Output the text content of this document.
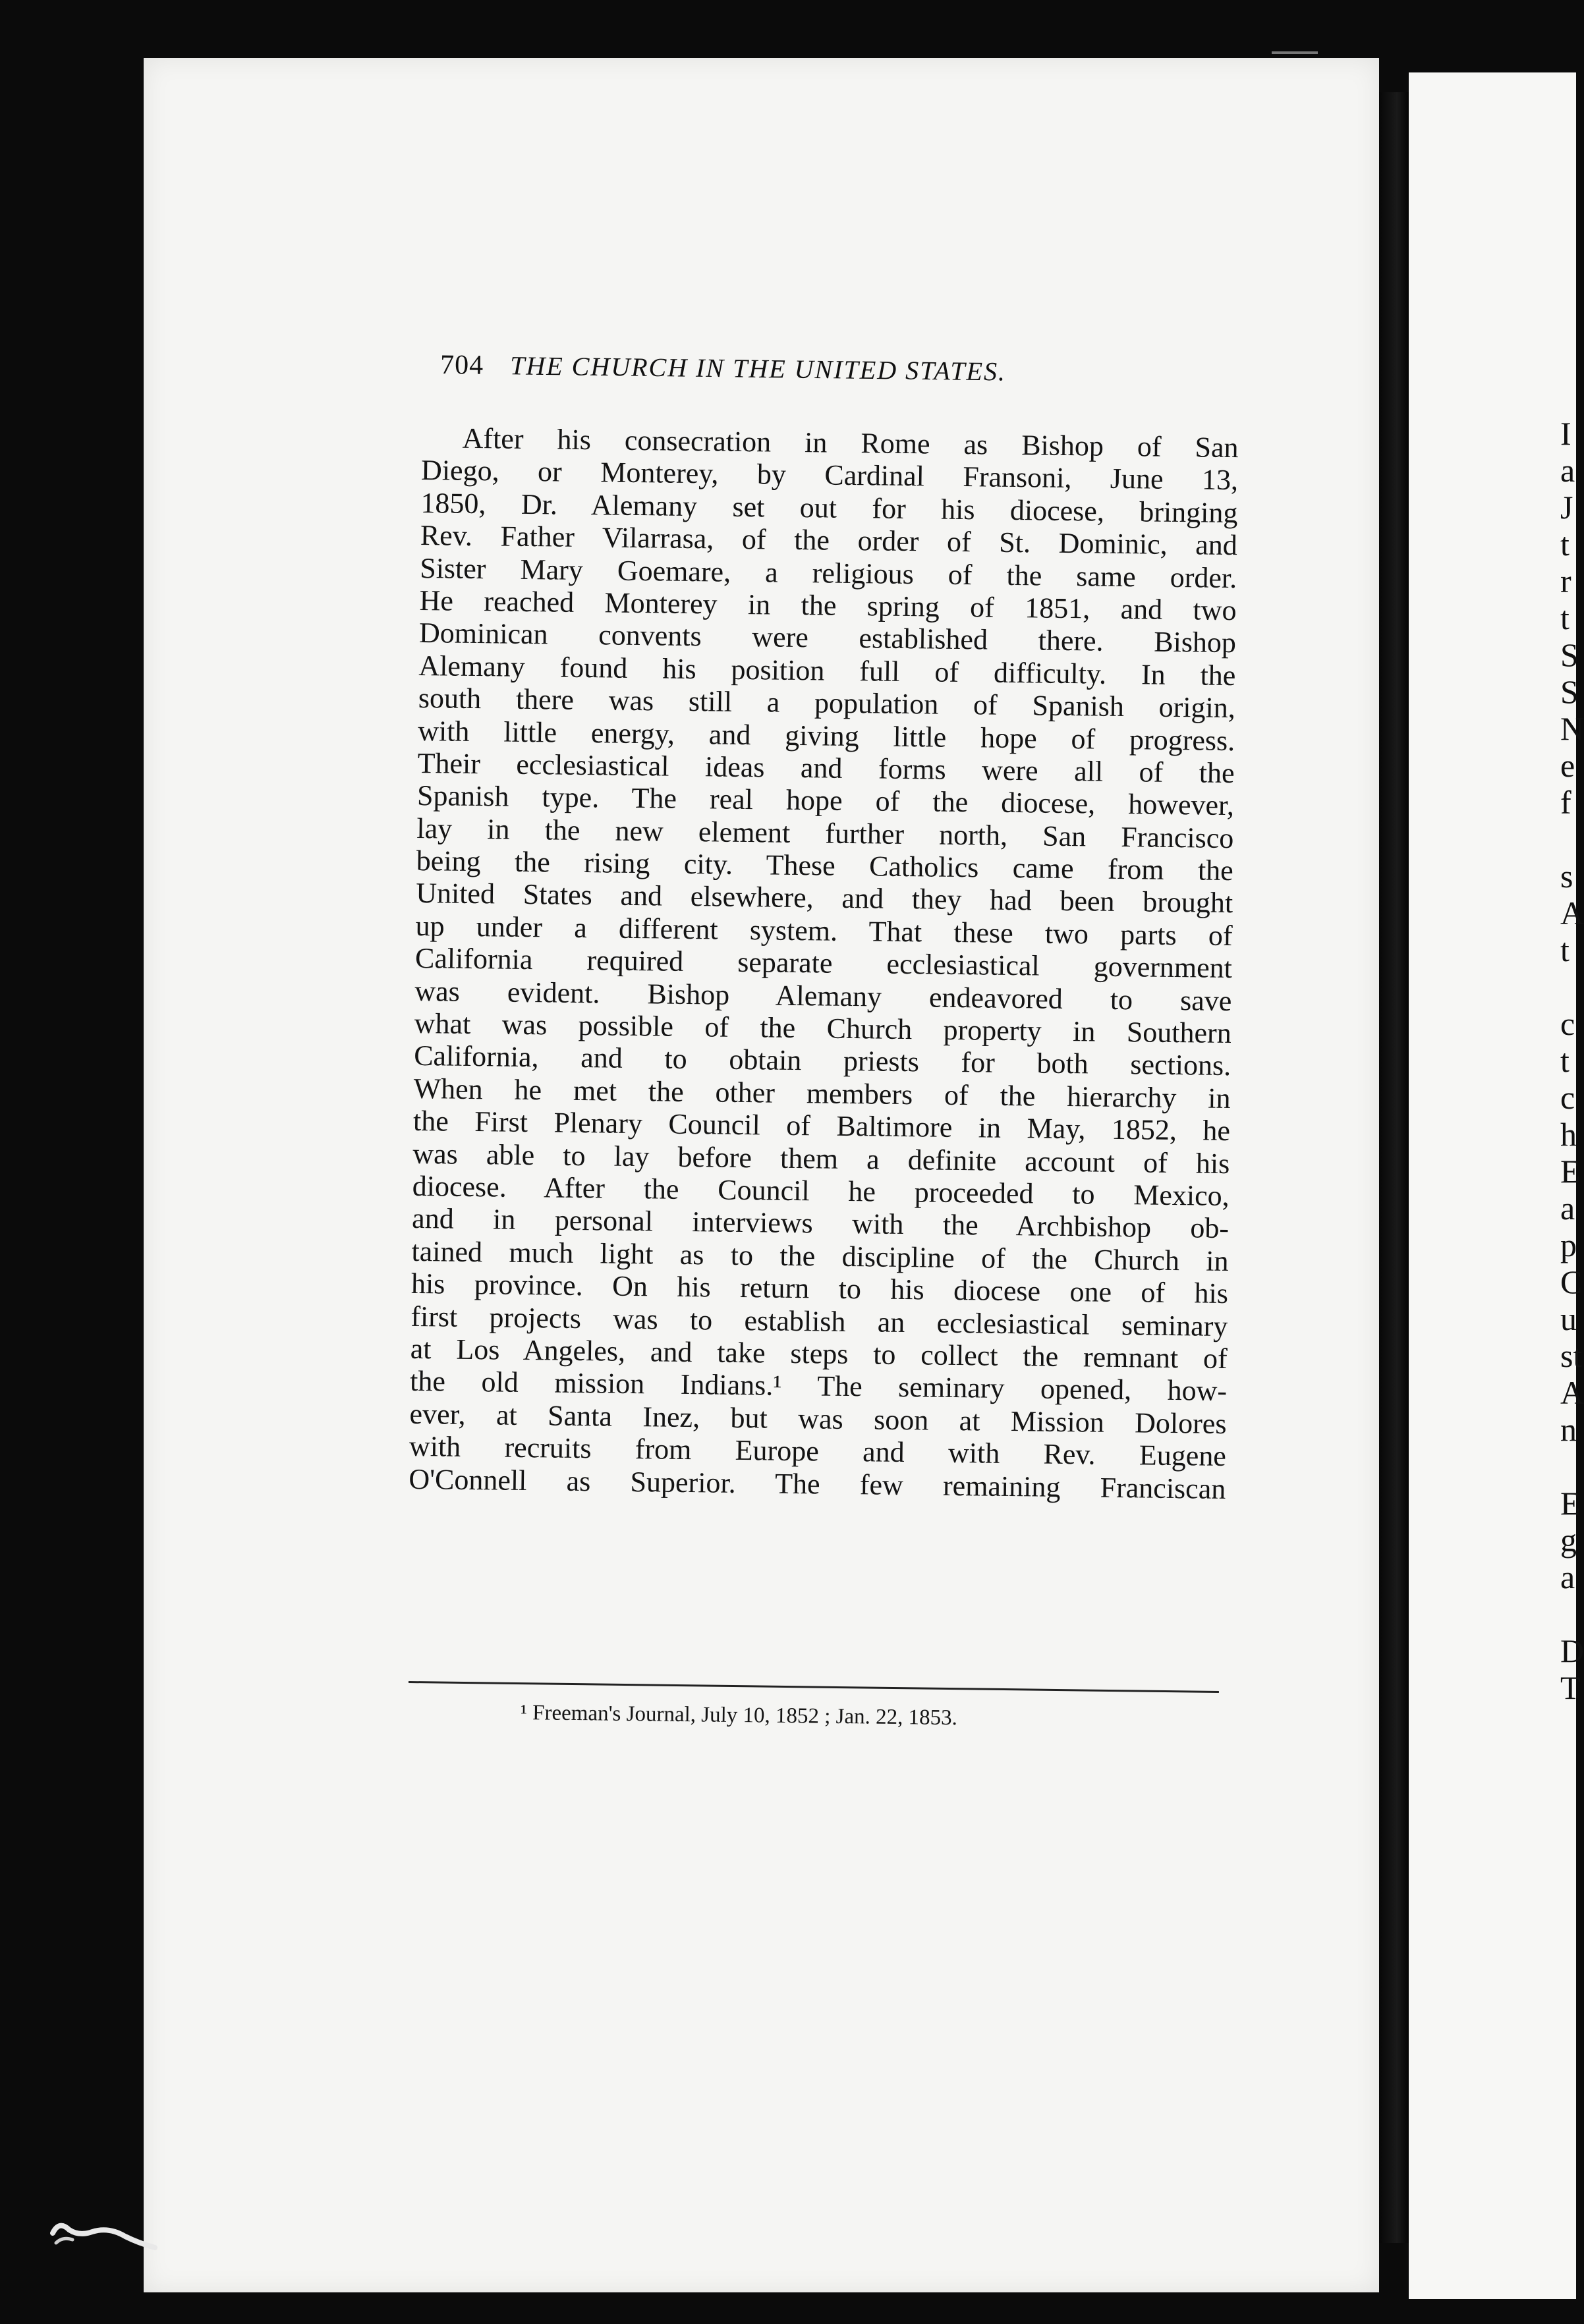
I
a
J
t
r
t
S
S
N
e
f
s
A
t
c
t
c
h
E
a
p
C
u
st
A
n
E
g
a
D
T
704 THE CHURCH IN THE UNITED STATES.
After his consecration in Rome as Bishop of San
Diego, or Monterey, by Cardinal Fransoni, June 13,
1850, Dr. Alemany set out for his diocese, bringing
Rev. Father Vilarrasa, of the order of St. Dominic, and
Sister Mary Goemare, a religious of the same order.
He reached Monterey in the spring of 1851, and two
Dominican convents were established there. Bishop
Alemany found his position full of difficulty. In the
south there was still a population of Spanish origin,
with little energy, and giving little hope of progress.
Their ecclesiastical ideas and forms were all of the
Spanish type. The real hope of the diocese, however,
lay in the new element further north, San Francisco
being the rising city. These Catholics came from the
United States and elsewhere, and they had been brought
up under a different system. That these two parts of
California required separate ecclesiastical government
was evident. Bishop Alemany endeavored to save
what was possible of the Church property in Southern
California, and to obtain priests for both sections.
When he met the other members of the hierarchy in
the First Plenary Council of Baltimore in May, 1852, he
was able to lay before them a definite account of his
diocese. After the Council he proceeded to Mexico,
and in personal interviews with the Archbishop ob-
tained much light as to the discipline of the Church in
his province. On his return to his diocese one of his
first projects was to establish an ecclesiastical seminary
at Los Angeles, and take steps to collect the remnant of
the old mission Indians.¹ The seminary opened, how-
ever, at Santa Inez, but was soon at Mission Dolores
with recruits from Europe and with Rev. Eugene
O'Connell as Superior. The few remaining Franciscan
¹ Freeman's Journal, July 10, 1852 ; Jan. 22, 1853.
